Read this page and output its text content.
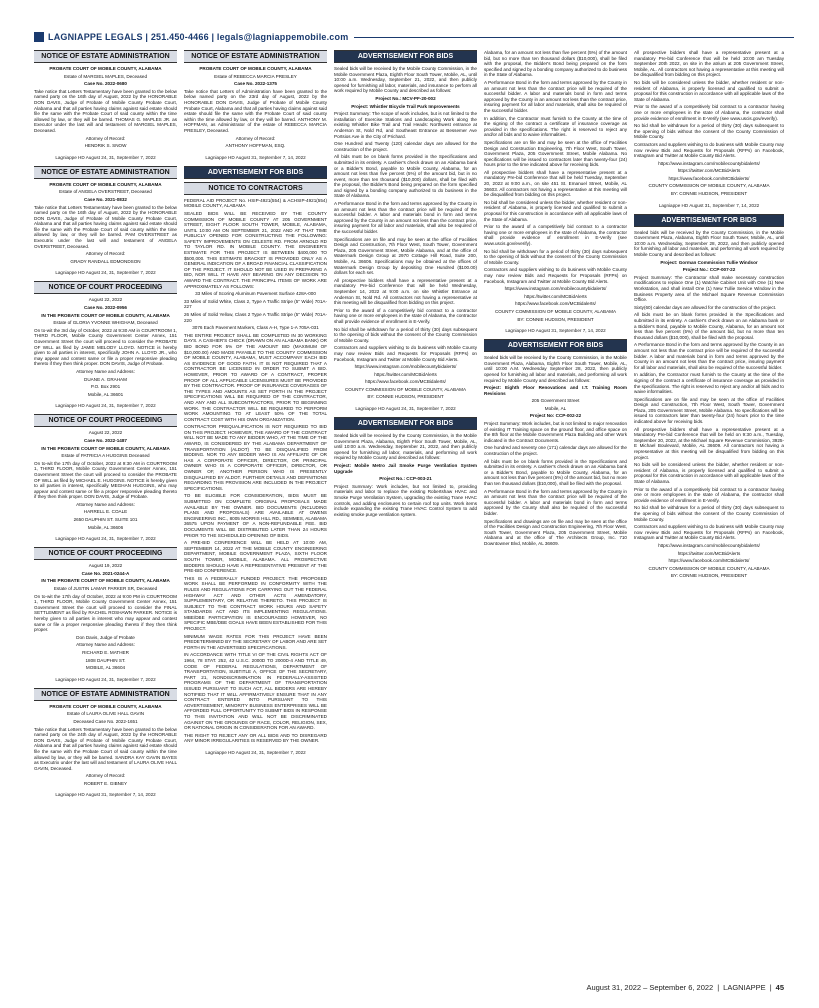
LAGNIAPPE LEGALS | 251.450-4466 | legals@lagniappemobile.com
NOTICE OF ESTATE ADMINISTRATION

PROBATE COURT OF MOBILE COUNTY, ALABAMA

Estate of MARGIEL MAPLES, Deceased

Case No. 2022-0680

Take notice that Letters Testamentary have been granted to the below named party on the 16th day of August, 2022 by the HONORABLE DON DAVIS, Judge of Probate of Mobile County Probate Court, Alabama and that all parties having claims against said estate should file the same with the Probate Court of said county within the time allowed by law, or they will be barred. THOMAS G. MAPLES JR. as Executor under the last will and testament of MARGIEL MAPLES, Deceased.

Attorney of Record:

HENDRIK S. SNOW

Lagniappe HD August 24, 31, September 7, 2022
NOTICE OF ESTATE ADMINISTRATION

PROBATE COURT OF MOBILE COUNTY, ALABAMA

Estate of ANGELA OVERSTREET, Deceased

Case No. 2021-0832

Take notice that Letters Testamentary have been granted to the below named party on the 16th day of August, 2022 by the HONORABLE DON DAVIS, Judge of Probate of Mobile County Probate Court, Alabama and that all parties having claims against said estate should file the same with the Probate Court of said county within the time allowed by law, or they will be barred. PAM OVERSTREET as Executrix under the last will and testament of ANGELA OVERSTREET, Deceased.

Attorney of Record:

GRADY RANDALL EDMONDSON

Lagniappe HD August 24, 31, September 7, 2022
NOTICE OF COURT PROCEEDING

August 22, 2022

Case No. 2022-0956

IN THE PROBATE COURT OF MOBILE COUNTY, ALABAMA

Estate of GLORIA YVONNE WHIGHAM, Deceased

On to-wit the 3rd day of October, 2022 at 9:30 AM in COURTROOM 1, THIRD FLOOR, Mobile County Government Center Annex, 151 Government Street the court will proceed to consider the PROBATE OF WILL as filed by JAMIE MELODY LLOYD. NOTICE is hereby given to all parties in interest, specifically JOHN A. LLOYD JR., who may appear and contest same or file a proper responsive pleading thereto if they then think proper. DON DAVIS, Judge of Probate.

Attorney Name and Address:

DUANE A. GRAHAM

P.O. Box 2901

Mobile, AL 36601

Lagniappe HD August 24, 31, September 7, 2022
NOTICE OF COURT PROCEEDING

August 22, 2022

Case No. 2022-1487

IN THE PROBATE COURT OF MOBILE COUNTY, ALABAMA

Estate of PATRICIA A HUGGINS Deceased

On to-wit the 17th day of October, 2022 at 9:30 AM in COURTROOM 1, THIRD FLOOR, Mobile County Government Center Annex, 151 Government Street the court will proceed to consider the PROBATE OF WILL as filed by MICHAEL E. HUGGINS. NOTICE is hereby given to all parties in interest, specifically MEGHAN HUGGINS, who may appear and contest same or file a proper responsive pleading thereto if they then think proper. DON DAVIS, Judge of Probate.

Attorney Name and Address:

HARRELL E. COALE

2650 DAUPHIN ST. SUITE 101

Mobile, AL 36606

Lagniappe HD August 24, 31, September 7, 2022
NOTICE OF COURT PROCEEDING

August 19, 2022

Case No. 2021-0244-A

IN THE PROBATE COURT OF MOBILE COUNTY, ALABAMA

Estate of JUSTIN LAMAR PARKER SR, Deceased

On to-wit the 17th day of October, 2022 at 9:00 PM in COURTROOM 1, THIRD FLOOR, Mobile County Government Center Annex, 151 Government Street the court will proceed to consider the FINAL SETTLEMENT as filed by RACHEL ROSHAWN PARKER. NOTICE is hereby given to all parties in interest who may appear and contest same or file a proper responsive pleading thereto if they then think proper.

Don Davis, Judge of Probate

Attorney Name and Address:

RICHARD E. MATHER

1808 DAUPHIN ST.

MOBILE, AL 36604

Lagniappe HD August 24, 31, September 7, 2022
NOTICE OF ESTATE ADMINISTRATION

PROBATE COURT OF MOBILE COUNTY, ALABAMA

Estate of LAURA OLIVE HALL GAVIN

Deceased Case No. 2022-1651

Take notice that Letters Testamentary have been granted to the below named party on the 24th day of August, 2022 by the HONORABLE DON DAVIS, Judge of Probate of Mobile County Probate Court, Alabama and that all parties having claims against said estate should file the same with the Probate Court of said county within the time allowed by law, or they will be barred. SANDRA KAY GAVIN BAYES as Executrix under the last will and testament of LAURA OLIVE HALL GAVIN, Deceased.

Attorney of Record:

ROBERT E. GIBNEY

Lagniappe HD August 31, September 7, 14, 2022
NOTICE OF ESTATE ADMINISTRATION

PROBATE COURT OF MOBILE COUNTY, ALABAMA

Estate of REBECCA MARCIA PRESLEY

Case No. 2022-1375

Take notice that Letters of Administration have been granted to the below named party on the 23rd day of August, 2022 by the HONORABLE DON DAVIS, Judge of Probate of Mobile County Probate Court, Alabama and that all parties having claims against said estate should file the same with the Probate Court of said county within the time allowed by law, or they will be barred. ANTHONY M. HOFFMAN, as Administrator of the estate of REBECCA MARCIA PRESLEY, Deceased.

Attorney of Record:

ANTHONY HOFFMAN, ESQ.

Lagniappe HD August 31, September 7, 14, 2022
ADVERTISEMENT FOR BIDS
NOTICE TO CONTRACTORS

FEDERAL AID PROJECT No. HSIP-4921(554) & ACHSIP-4921(554) MOBILE COUNTY, ALABAMA

SEALED BIDS WILL BE RECEIVED BY THE COUNTY COMMISSION OF MOBILE COUNTY AT 205 GOVERNMENT STREET, EIGHT FLOOR SOUTH TOWER, MOBILE, ALABAMA, UNTIL 10:00 AM ON SEPTEMBER 21, 2022 AND AT THAT TIME PUBLICLY OPENED FOR CONSTRUCTING THE FOLLOWING: SAFETY IMPROVEMENTS ON CELESTE RD. FROM ARNOLD RD TO TAYLOR RD. IN MOBILE COUNTY. THE ENGINEER'S ESTIMATE FOR THIS PROJECT IS BETWEEN $400,000 TO $500,000. THIS ESTIMATE BRACKET IS PROVIDED ONLY AS A GENERAL INDICATION OF A BROAD FINANCIAL CLASSIFICATION OF THE PROJECT. IT SHOULD NOT BE USED IN PREPARING A BID, NOR WILL IT HAVE ANY BEARING ON ANY DECISION TO AWARD THE CONTRACT. THE PRINCIPAL ITEMS OF WORK ARE APPROXIMATELY AS FOLLOWS:

33 Miles of Scoring Aluminum Pavement Surface 428A-000

33 Miles of Solid White, Class 2, Type A Traffic Stripe (5" Wide) 701A-227

26 Miles of Solid Yellow, Class 2 Type A Traffic Stripe (5" Wide) 701A-220

3076 Each Pavement Markers, Class A-H, Type 1-A 705A-031

THE ENTIRE PROJECT SHALL BE COMPLETED IN 30 WORKING DAYS. A CASHIER'S CHECK (DRAWN ON AN ALABAMA BANK) OR BID BOND FOR 5% OF THE AMOUNT BID (MAXIMUM OF $10,000.00) AND MADE PAYABLE TO THE COUNTY COMMISSION OF MOBILE COUNTY, ALABAMA, MUST ACCOMPANY EACH BID AS EVIDENCE OF GOOD FAITH. IT IS NOT REQUIRED THAT A CONTRACTOR BE LICENSED IN ORDER TO SUBMIT A BID. HOWEVER, PRIOR TO AWARD OF A CONTRACT, PROPER PROOF OF ALL APPLICABLE LICENSURES MUST BE PROVIDED BY THE CONTRACTOR. PROOF OF INSURANCE COVERAGES OF THE TYPES AND AMOUNTS AS SET FORTH IN THE PROJECT SPECIFICATIONS WILL BE REQUIRED OF THE CONTRACTOR, AND ANY AND ALL SUBCONTRACTORS, PRIOR TO BEGINNING WORK. THE CONTRACTOR WILL BE REQUIRED TO PERFORM WORK AMOUNTING TO AT LEAST 50% OF THE TOTAL CONTRACT COST WITH HIS OWN ORGANIZATION.

CONTRACTOR PREQUALIFICATION IS NOT REQUIRED TO BID ON THIS PROJECT. HOWEVER, THE AWARD OF THE CONTRACT WILL NOT BE MADE TO ANY BIDDER WHO, AT THE TIME OF THE AWARD, IS CONSIDERED BY THE ALABAMA DEPARTMENT OF TRANSPORTATION (ALDOT) TO BE DISQUALIFIED FROM BIDDING. NOR TO ANY BIDDER WHO IS AN AFFILIATE OF OR HAS A CORPORATE OFFICER, DIRECTOR, OR PRINCIPAL OWNER WHO IS A CORPORATE OFFICER, DIRECTOR, OR OWNER OF, ANOTHER PERSON WHO IS PRESENTLY DISQUALIFIED BY ALDOT. FURTHER DETAILS AND DEFINITIONS REGARDING THIS PROVISION ARE INCLUDED IN THE PROJECT SPECIFICATIONS.

TO BE ELIGIBLE FOR CONSIDERATION, BIDS MUST BE SUBMITTED ON COMPLETE ORIGINAL PROPOSALS MADE AVAILABLE BY THE OWNER. BID DOCUMENTS (INCLUDING PLANS AND PROPOSALS) ARE AVAILABLE AT OWENS ENGINEERING INC., 8005 MORRIS HILL RD., SEMMES, ALABAMA 36575 UPON PAYMENT OF A NON-REFUNDABLE FEE. BID DOCUMENTS WILL BE DISTRIBUTED LATER THAN 24 HOURS PRIOR TO THE SCHEDULED OPENING OF BIDS.

A PRE-BID CONFERENCE WILL BE HELD AT 10:00 AM, SEPTEMBER 14, 2022 AT THE MOBILE COUNTY ENGINEERING DEPARTMENT, MOBILE GOVERNMENT PLAZA, SIXTH FLOOR SOUTH TOWER, MOBILE, ALABAMA. ALL PROSPECTIVE BIDDERS SHOULD HAVE A REPRESENTATIVE PRESENT AT THE PRE-BID CONFERENCE.

THIS IS A FEDERALLY FUNDED PROJECT. THE PROPOSED WORK SHALL BE PERFORMED IN CONFORMITY WITH THE RULES AND REGULATIONS FOR CARRYING OUT THE FEDERAL HIGHWAY ACT AND OTHER ACTS AMENDATORY, SUPPLEMENTARY, OR RELATIVE THERETO. THIS PROJECT IS SUBJECT TO THE CONTRACT WORK HOURS AND SAFETY STANDARDS ACT AND ITS IMPLEMENTING REGULATIONS. MBE/DBE PARTICIPATION IS ENCOURAGED HOWEVER, NO SPECIFIC MBE/DBE GOALS HAVE BEEN ESTABLISHED FOR THIS PROJECT.

MINIMUM WAGE RATES FOR THIS PROJECT HAVE BEEN PREDETERMINED BY THE SECRETARY OF LABOR AND ARE SET FORTH IN THE ADVERTISED SPECIFICATIONS.

IN ACCORDANCE WITH TITLE VI OF THE CIVIL RIGHTS ACT OF 1964, 78 STAT. 252, 42 U.S.C. 2000D TO 2000D-4 AND TITLE 49, CODE OF FEDERAL REGULATIONS, DEPARTMENT OF TRANSPORTATION, SUBTITLE A, OFFICE OF THE SECRETARY, PART 21, NONDISCRIMINATION IN FEDERALLY-ASSISTED PROGRAMS OF THE DEPARTMENT OF TRANSPORTATION ISSUED PURSUANT TO SUCH ACT, ALL BIDDERS ARE HEREBY NOTIFIED THAT IT WILL AFFIRMATIVELY ENSURE THAT IN ANY CONTRACT ENTERED INTO PURSUANT TO THIS ADVERTISEMENT, MINORITY BUSINESS ENTERPRISES WILL BE AFFORDED FULL OPPORTUNITY TO SUBMIT BIDS IN RESPONSE TO THIS INVITATION AND WILL NOT BE DISCRIMINATED AGAINST ON THE GROUNDS OF RACE, COLOR, RELIGION, SEX, OR NATIONAL ORIGIN IN CONSIDERATION FOR AN AWARD.

THE RIGHT TO REJECT ANY OR ALL BIDS AND TO DISREGARD ANY MINOR IRREGULARITIES IS RESERVED BY THE OWNER.

Lagniappe HD August 24, 31, September 7, 2022
ADVERTISEMENT FOR BIDS

Sealed bids will be received by the Mobile County Commission, in the Mobile Government Plaza, Eighth Floor South Tower, Mobile, AL, until 10:00 a.m. Wednesday, September 21, 2022, and then publicly opened for furnishing all labor, materials, and insurance to perform all work required by Mobile County and described as follows:

Project No.: MCV-PF-20-002

Project: Whistler Bicycle Trail Park Improvements

Project Summary: The scope of work includes, but is not limited to the installation of Exercise Stations and Landscaping Work along the existing Whistler Bike Trail and Trail Heads: Northwest entrance at Anderson St, Nold Rd, and Southeast Entrance at Bessemer Ave Portsios Ave in the City of Prichard.

One Hundred and Twenty (120) calendar days are allowed for the construction of the project.

All bids must be on blank forms provided in the Specifications and submitted in its entirety. A cashier's check drawn on an Alabama bank or a Bidder's Bond, payable to Mobile County, Alabama, for an amount not less than five percent (5%) of the amount bid, but in no event, more than ten thousand ($10,000) dollars, shall be filed with the proposal, the Bidder's Bond being prepared on the form specified and signed by a bonding company authorized to do business in the State of Alabama.

A Performance Bond in the form and terms approved by the County in an amount not less than the contract price will be required of the successful bidder. A labor and materials bond in form and terms approved by the County in an amount not less than the contract price, insuring payment for all labor and materials, shall also be required of the successful bidder.

Specifications are on file and may be seen at the office of Facilities Design and Construction, 7th Floor West, South Tower, Government Plaza, 205 Government Street, Mobile Alabama, and at the office of Watermark Design Group at 2970 Cottage Hill Road, Suite 200, Mobile, AL 36606. Specifications may be obtained at the offices of Watermark Design Group by depositing One Hundred ($100.00) dollars for each set.

All prospective bidders shall have a representative present at a mandatory Pre-bid Conference that will be held Wednesday, September 14, 2022 at 9:00 a.m. on site Whistler Entrance at Anderson St, Nold Rd. All contractors not having a representative at this meeting will be disqualified from bidding on this project.

Prior to the award of a competitively bid contract to a contractor having one or more employees in the state of Alabama, the contractor shall provide evidence of enrollment in E-Verify.

No bid shall be withdrawn for a period of thirty (30) days subsequent to the opening of bids without the consent of the County Commission of Mobile County.

Contractors and suppliers wishing to do business with Mobile County may now review Bids and Requests for Proposals (RFPs) on Facebook, Instagram and Twitter at Mobile County Bid Alerts.

https://www.instagram.com/mobilecountybidalerts/

https://twitter.com/MCBidAlerts

https://www.facebook.com/MCBidalerts/

COUNTY COMMISSION OF MOBILE COUNTY, ALABAMA

BY: CONNIE HUDSON, PRESIDENT

Lagniappe HD August 24, 31, September 7, 2022
ADVERTISEMENT FOR BIDS

Sealed bids will be received by the County Commission, in the Mobile Government Plaza, Alabama, Eighth Floor South Tower, Mobile, AL, until 10:00 a.m. Wednesday, September 21, 2022, and then publicly opened for furnishing all labor, materials, and performing all work required by Mobile County and described as follows:

Project: Mobile Metro Jail Smoke Purge Ventilation System Upgrade

Project No.: CCP-003-21

Project Summary: Work includes, but not limited to, providing materials and labor to replace the existing Robertshaw HVAC and Smoke Purge Ventilation System, upgrading the existing Trane HVAC controls, and adding enclosures to certain roof top units. Work items include expanding the existing Trane HVAC Control System to add existing smoke purge ventilation system.

Alabama, for an amount not less than five percent (5%) of the amount bid, but no more than ten thousand dollars ($10,000), shall be filed with the proposal, the Bidder's Bond being prepared on the form specified and signed by a bonding company authorized to do business in the State of Alabama.

A Performance Bond in the form and terms approved by the County in an amount not less than the contract price will be required of the successful bidder. A labor and materials bond in form and terms approved by the County in an amount not less than the contract price, insuring payment for all labor and materials, shall also be required of the successful bidder.

In addition, the Contractor must furnish to the County at the time of the signing of the contract a certificate of insurance coverage as provided in the specifications. The right is reserved to reject any and/or all bids and to waive informalities.

Specifications are on file and may be seen at the office of Facilities Design and Construction Engineering, 7th Floor West, South Tower, Government Plaza, 205 Government Street, Mobile Alabama. No specifications will be issued to contractors later than twenty-four (24) hours prior to the time indicated above for receiving bids.

All prospective bidders shall have a representative present at a mandatory Pre-bid Conference that will be held Tuesday, September 20, 2022 at 9:00 a.m., on site 451 St. Emanuel Street, Mobile, AL 36603. All contractors not having a representative at this meeting will be disqualified from bidding on this project.

No bid shall be considered unless the bidder, whether resident or non-resident of Alabama, is properly licensed and qualified to submit a proposal for this construction in accordance with all applicable laws of the State of Alabama.

Prior to the award of a competitively bid contract to a contractor having one or more employees in the state of Alabama, the contractor shall provide evidence of enrollment in E-Verify (see www.uscis.gov/everify).

No bid shall be withdrawn for a period of thirty (30) days subsequent to the opening of bids without the consent of the County Commission of Mobile County.

Contractors and suppliers wishing to do business with Mobile County may now review Bids and Requests for Proposals (RFPs) on Facebook, Instagram and Twitter at Mobile County Bid Alerts.

https://www.instagram.com/mobilecountybidalerts/

https://twitter.com/MCBidAlerts

https://www.facebook.com/MCBidalerts/

COUNTY COMMISSION OF MOBILE COUNTY, ALABAMA

BY: CONNIE HUDSON, PRESIDENT

Lagniappe HD August 31, September 7, 14, 2022
ADVERTISEMENT FOR BIDS

Sealed bids will be received by the County Commission, in the Mobile Government Plaza, Alabama, Eighth Floor South Tower, Mobile, AL, until 10:00 A.M. Wednesday September 28, 2022, then publicly opened for furnishing all labor and materials, and performing all work required by Mobile County and described as follows:

Project: Eighth Floor Renovations and I.T. Training Room Revisions

205 Government Street

Mobile, AL

Project No: CCP-002-22

Project Summary: Work includes, but is not limited to major renovation of existing IT Training space on the ground floor, and office space on the 8th floor at the Mobile Government Plaza Building and other Work indicated in the Contract Documents.

One hundred and seventy one (171) calendar days are allowed for the construction of the project.

All bids must be on blank forms provided in the Specifications and submitted in its entirety. A cashier's check drawn on an Alabama bank or a Bidder's Bond, payable to Mobile County, Alabama, for an amount not less than five percent (5%) of the amount bid, but no more than ten thousand dollars ($10,000), shall be filed with the proposal.

A Performance Bond in the form and terms approved by the County in an amount not less than the contract price will be required of the successful bidder. A labor and materials bond in form and terms approved by the County shall also be required of the successful bidder.

Specifications and drawings are on file and may be seen at the office of the Facilities Design and Construction Engineering, 7th Floor West, South Tower, Government Plaza, 205 Government Street, Mobile Alabama and at the office of The Architects Group, Inc. 710 Downtowner Blvd, Mobile, AL 36609.

All prospective bidders shall have a representative present at a mandatory Pre-bid Conference that will be held 10:00 am Tuesday September 20th 2022, on site in the atrium at 205 Government Street, Mobile, AL. All contractors not having a representative at this meeting will be disqualified from bidding on this project.

No bids will be considered unless the bidder, whether resident or non-resident of Alabama, is properly licensed and qualified to submit a proposal for this construction in accordance with all applicable laws of the State of Alabama.

Prior to the award of a competitively bid contract to a contractor having one or more employees in the state of Alabama, the contractor shall provide evidence of enrollment in E-Verify (see www.uscis.gov/everify).

No bid shall be withdrawn for a period of thirty (30) days subsequent to the opening of bids without the consent of the County Commission of Mobile County.

Contractors and suppliers wishing to do business with Mobile County may now review Bids and Requests for Proposals (RFPs) on Facebook, Instagram and Twitter at Mobile County Bid Alerts.

https://www.instagram.com/mobilecountybidalerts/

https://twitter.com/MCBidAlerts

https://www.facebook.com/MCBidalerts/

COUNTY COMMISSION OF MOBILE COUNTY, ALABAMA

BY: CONNIE HUDSON, PRESIDENT

Lagniappe HD August 31, September 7, 14, 2022
ADVERTISEMENT FOR BIDS

Sealed bids will be received by the County Commission, in the Mobile Government Plaza, Alabama, Eighth Floor South Tower, Mobile, AL, until 10:00 a.m. Wednesday, September 28, 2022, and then publicly opened for furnishing all labor and materials, and performing all work required by Mobile County and described as follows:

Project: Gorman Commission Tullie Windsor

Project No.: CCP-007-22

Project Summary: The Contractor shall make necessary construction modifications to replace One (1) Watchie Cabinet Unit with One (1) New Workstation, and shall install One (1) New Tullie Service Window in the Business Property area of the Michael Square Revenue Commission Office.

Sixty(60) calendar days are allowed for the construction of the project.

All bids must be on blank forms provided in the Specifications and submitted in its entirety. A cashier's check drawn on an Alabama bank or a Bidder's Bond, payable to Mobile County, Alabama, for an amount not less than five percent (5%) of the amount bid, but no more than ten thousand dollars ($10,000), shall be filed with the proposal.

A Performance Bond in the form and terms approved by the County in an amount not less than the contract price will be required of the successful bidder. A labor and materials bond in form and terms approved by the County in an amount not less than the contract price, insuring payment for all labor and materials, shall also be required of the successful bidder.

In addition, the Contractor must furnish to the County at the time of the signing of the contract a certificate of insurance coverage as provided in the specifications. The right is reserved to reject any and/or all bids and to waive informalities.

Specifications are on file and may be seen at the office of Facilities Design and Construction, 7th Floor West, South Tower, Government Plaza, 205 Government Street, Mobile Alabama. No specifications will be issued to contractors later than twenty-four (24) hours prior to the time indicated above for receiving bids.

All prospective bidders shall have a representative present at a Mandatory Pre-bid Conference that will be held on 9:30 a.m., Tuesday, September 20, 2022, at the Michael Square Revenue Commission, 3925-E Michael Boulevard, Mobile, AL 36609. All contractors not having a representative at this meeting will be disqualified from bidding on this project.

No bids will be considered unless the bidder, whether resident or non-resident of Alabama, is properly licensed and qualified to submit a proposal for this construction in accordance with all applicable laws of the State of Alabama.

Prior to the award of a competitively bid contract to a contractor having one or more employees in the state of Alabama, the contractor shall provide evidence of enrollment in E-Verify.

No bid shall be withdrawn for a period of thirty (30) days subsequent to the opening of bids without the consent of the County Commission of Mobile County.

Contractors and suppliers wishing to do business with Mobile County may now review Bids and Requests for Proposals (RFPs) on Facebook, Instagram and Twitter at Mobile County Bid Alerts.

https://www.instagram.com/mobilecountybidalerts/

https://twitter.com/MCBidAlerts

https://www.facebook.com/MCBidalerts/

COUNTY COMMISSION OF MOBILE COUNTY, ALABAMA

BY: CONNIE HUDSON, PRESIDENT

August 31, 2022 – September 6, 2022 | LAGNIAPPE | 45
